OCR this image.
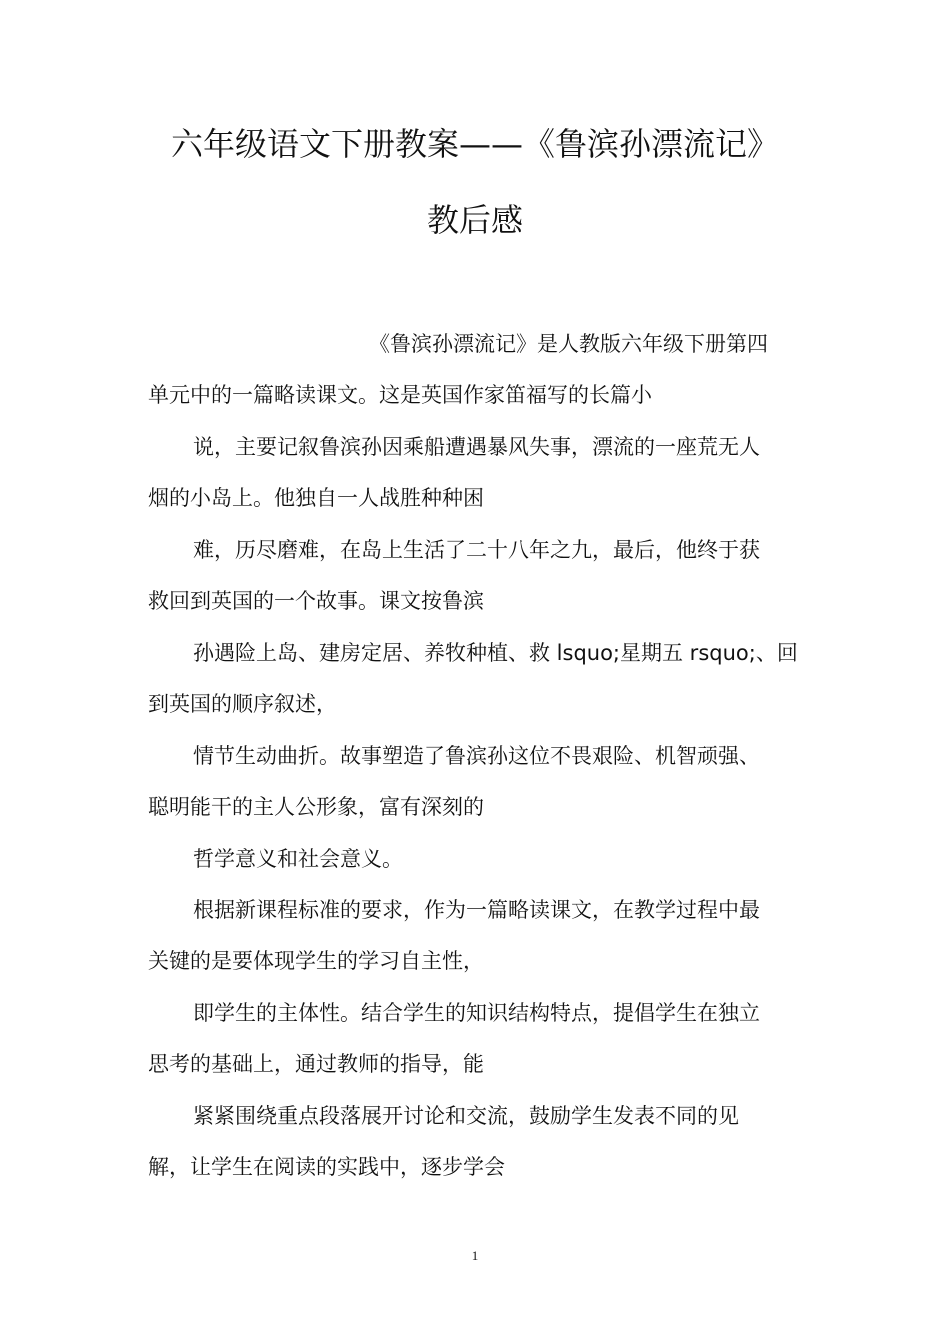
六年级语文下册教案——《鲁滨孙漂流记》
教后感
《鲁滨孙漂流记》是人教版六年级下册第四
单元中的一篇略读课文。这是英国作家笛福写的长篇小
说，主要记叙鲁滨孙因乘船遭遇暴风失事，漂流的一座荒无人
烟的小岛上。他独自一人战胜种种困
难，历尽磨难，在岛上生活了二十八年之九，最后，他终于获
救回到英国的一个故事。课文按鲁滨
孙遇险上岛、建房定居、养牧种植、救 lsquo;星期五 rsquo;、回
到英国的顺序叙述，
情节生动曲折。故事塑造了鲁滨孙这位不畏艰险、机智顽强、
聪明能干的主人公形象，富有深刻的
哲学意义和社会意义。
根据新课程标准的要求，作为一篇略读课文，在教学过程中最
关键的是要体现学生的学习自主性，
即学生的主体性。结合学生的知识结构特点，提倡学生在独立
思考的基础上，通过教师的指导，能
紧紧围绕重点段落展开讨论和交流，鼓励学生发表不同的见
解，让学生在阅读的实践中，逐步学会
1
